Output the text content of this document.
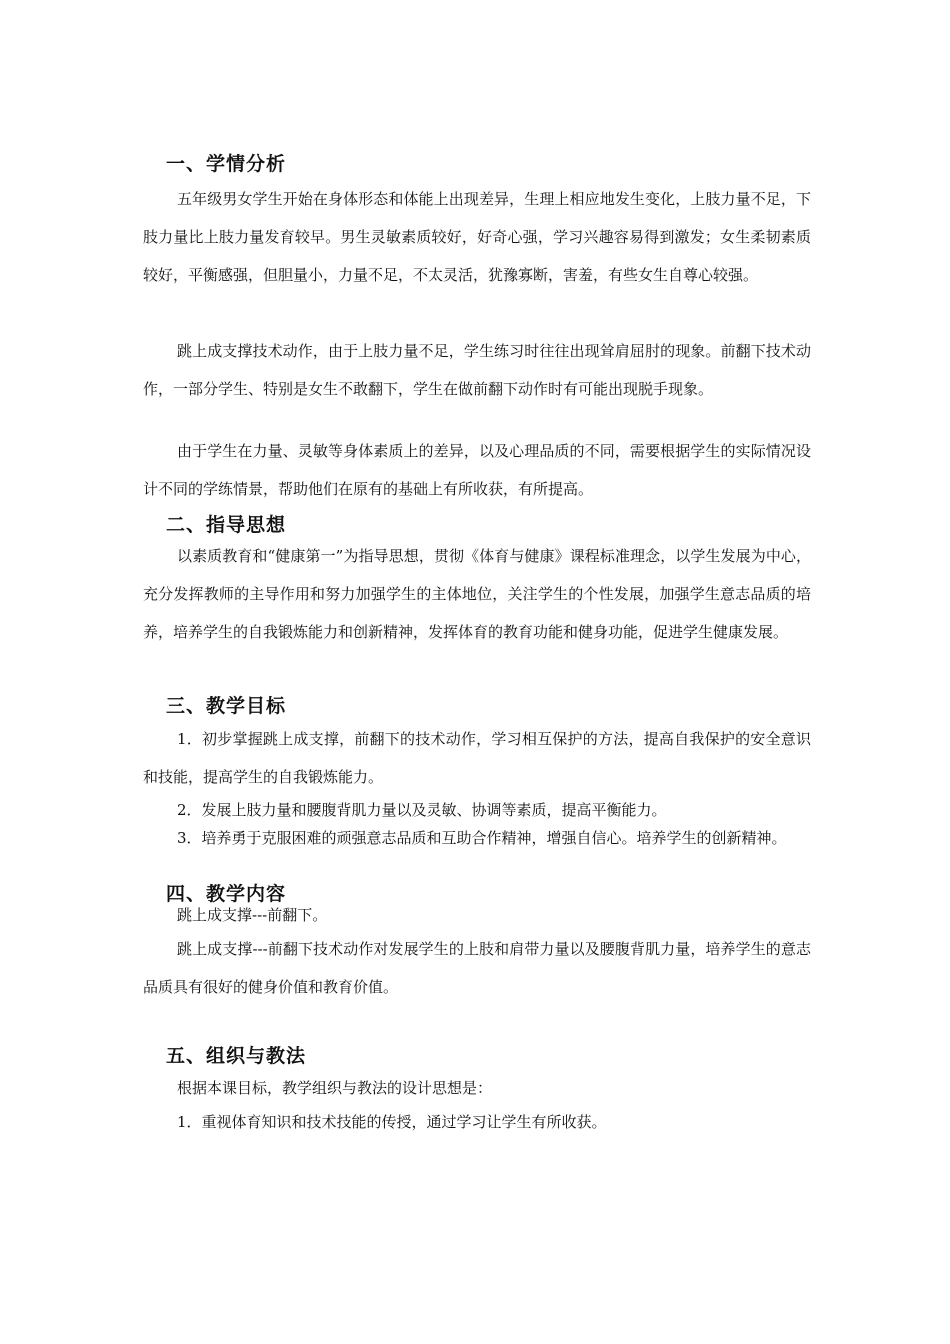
一、学情分析

五年级男女学生开始在身体形态和体能上出现差异，生理上相应地发生变化，上肢力量不足，下肢力量比上肢力量发育较早。男生灵敏素质较好，好奇心强，学习兴趣容易得到激发；女生柔韧素质较好，平衡感强，但胆量小，力量不足，不太灵活，犹豫寡断，害羞，有些女生自尊心较强。

跳上成支撑技术动作，由于上肢力量不足，学生练习时往往出现耸肩屈肘的现象。前翻下技术动作，一部分学生、特别是女生不敢翻下，学生在做前翻下动作时有可能出现脱手现象。

由于学生在力量、灵敏等身体素质上的差异，以及心理品质的不同，需要根据学生的实际情况设计不同的学练情景，帮助他们在原有的基础上有所收获，有所提高。

二、指导思想

以素质教育和“健康第一”为指导思想，贯彻《体育与健康》课程标准理念，以学生发展为中心，充分发挥教师的主导作用和努力加强学生的主体地位，关注学生的个性发展，加强学生意志品质的培养，培养学生的自我锻炼能力和创新精神，发挥体育的教育功能和健身功能，促进学生健康发展。

三、教学目标

1．初步掌握跳上成支撑，前翻下的技术动作，学习相互保护的方法，提高自我保护的安全意识和技能，提高学生的自我锻炼能力。

2．发展上肢力量和腰腹背肌力量以及灵敏、协调等素质，提高平衡能力。

3．培养勇于克服困难的顽强意志品质和互助合作精神，增强自信心。培养学生的创新精神。

四、教学内容

跳上成支撑---前翻下。

跳上成支撑---前翻下技术动作对发展学生的上肢和肩带力量以及腰腹背肌力量，培养学生的意志品质具有很好的健身价值和教育价值。

五、组织与教法

根据本课目标，教学组织与教法的设计思想是：

1．重视体育知识和技术技能的传授，通过学习让学生有所收获。
